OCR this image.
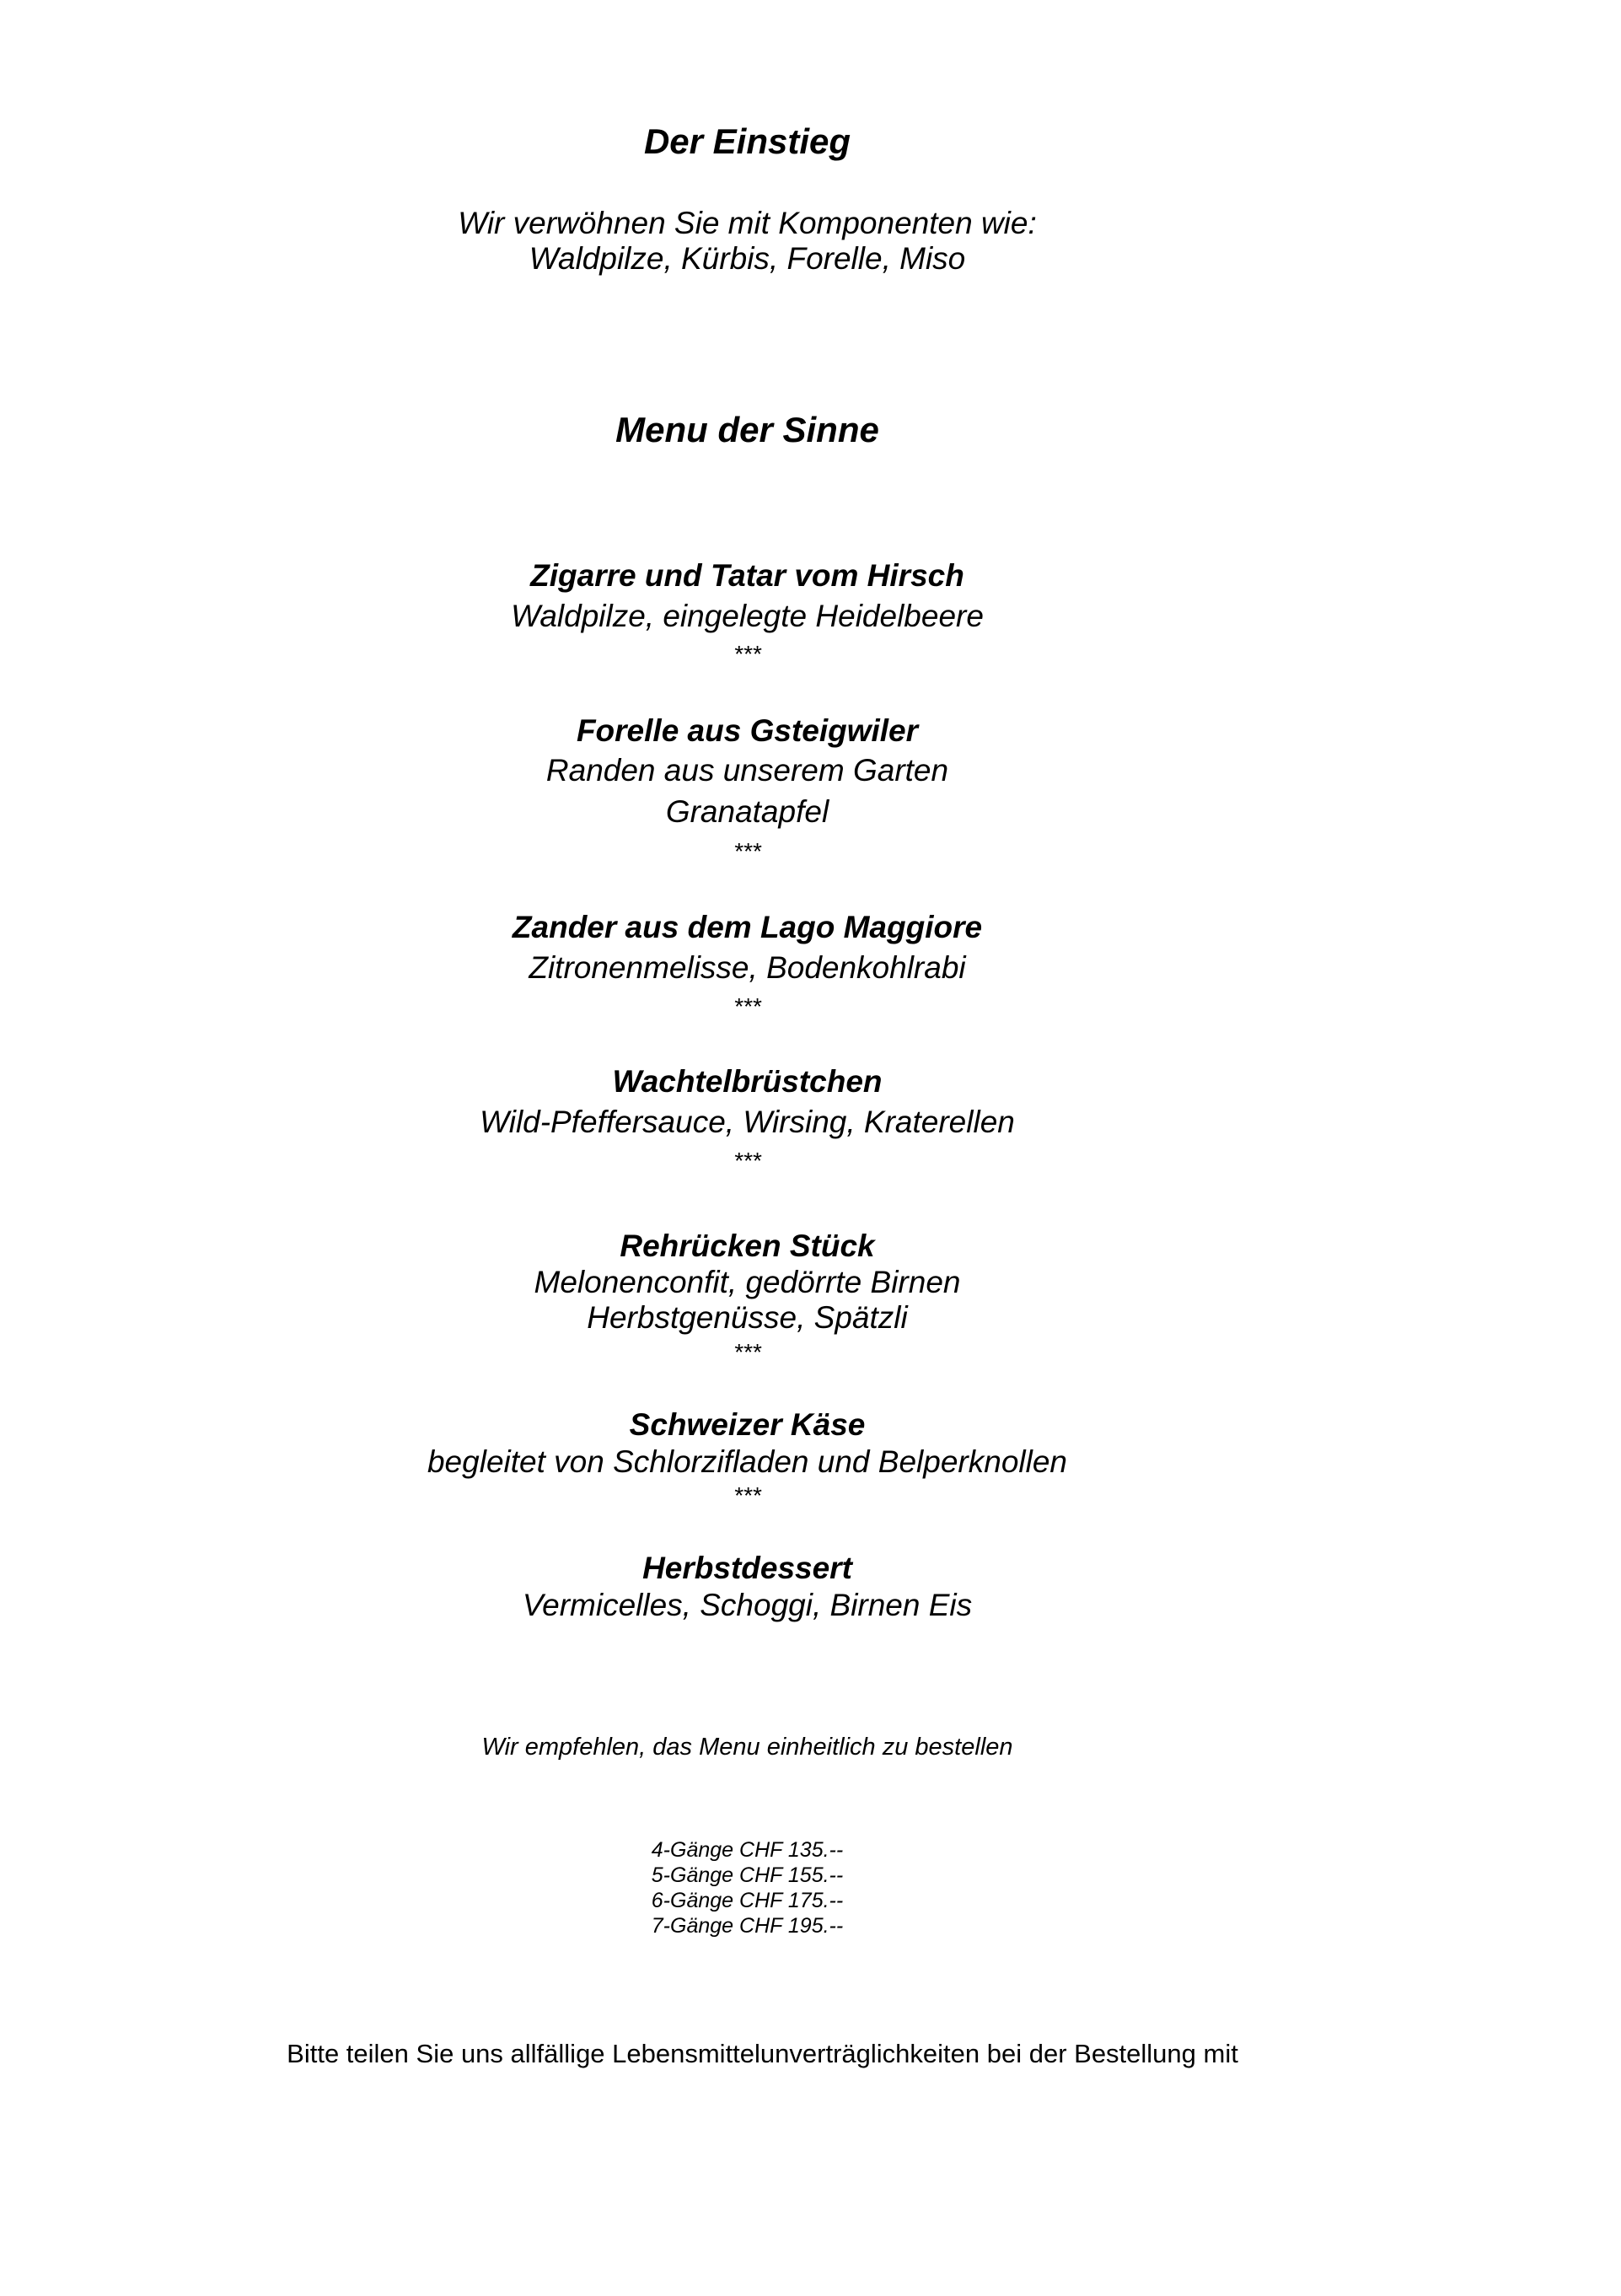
Der Einstieg

Wir verwöhnen Sie mit Komponenten wie:

Waldpilze, Kürbis, Forelle, Miso

Menu der Sinne

Zigarre und Tatar vom Hirsch

Waldpilze, eingelegte Heidelbeere

***

Forelle aus Gsteigwiler

Randen aus unserem Garten

Granatapfel

***

Zander aus dem Lago Maggiore

Zitronenmelisse, Bodenkohlrabi

***

Wachtelbrüstchen

Wild-Pfeffersauce, Wirsing, Kraterellen

***

Rehrücken Stück

Melonenconfit, gedörrte Birnen

Herbstgenüsse, Spätzli

***

Schweizer Käse

begleitet von Schlorzifladen und Belperknollen

***

Herbstdessert

Vermicelles, Schoggi, Birnen Eis

Wir empfehlen, das Menu einheitlich zu bestellen

4-Gänge CHF 135.--

5-Gänge CHF 155.--

6-Gänge CHF 175.--

7-Gänge CHF 195.--

Bitte teilen Sie uns allfällige Lebensmittelunverträglichkeiten bei der Bestellung mit
